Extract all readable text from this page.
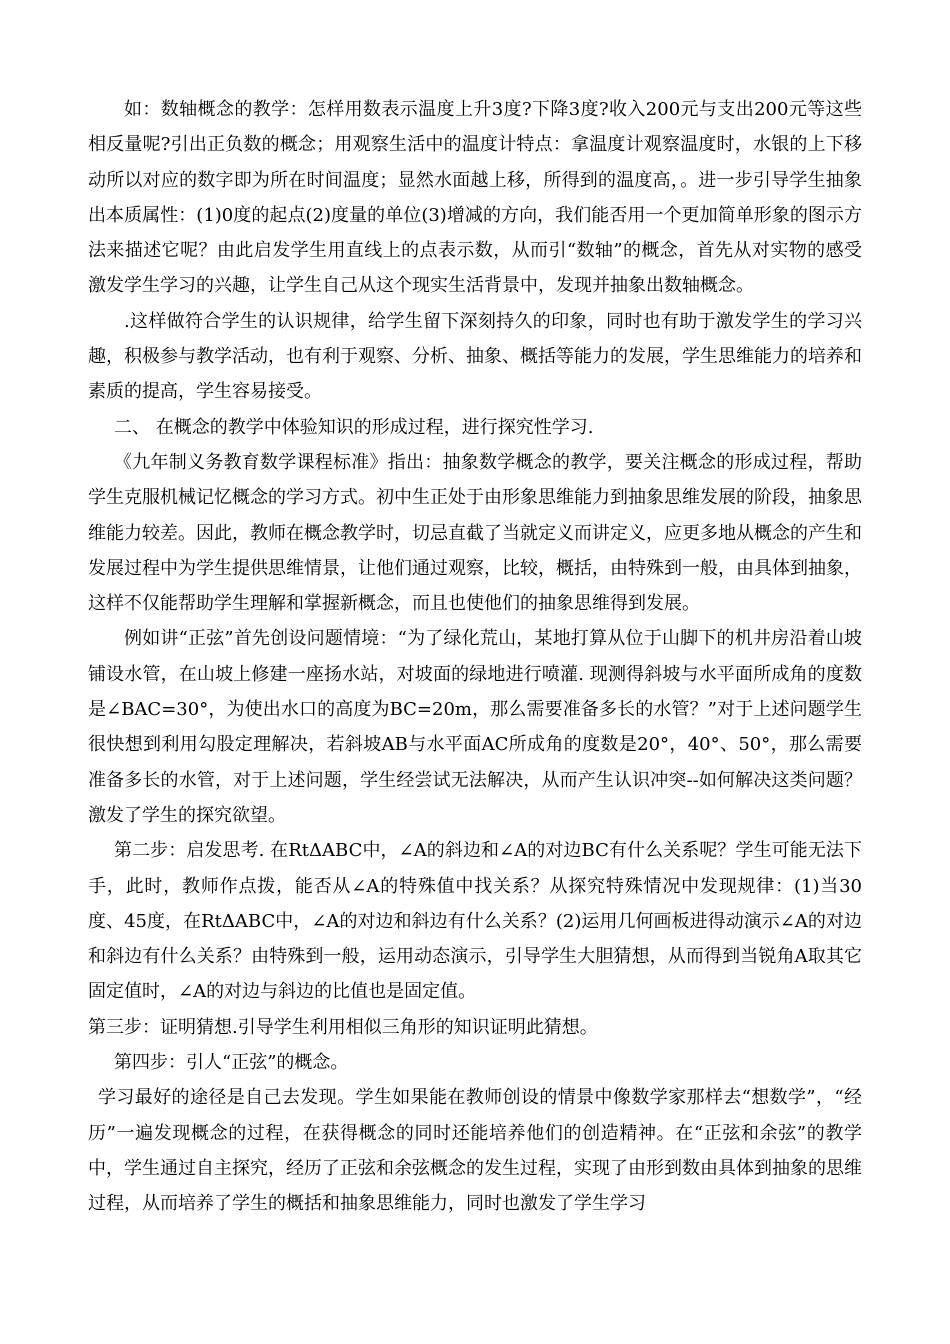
如：数轴概念的教学：怎样用数表示温度上升3度?下降3度?收入200元与支出200元等这些相反量呢?引出正负数的概念；用观察生活中的温度计特点：拿温度计观察温度时，水银的上下移动所以对应的数字即为所在时间温度；显然水面越上移，所得到的温度高，。进一步引导学生抽象出本质属性：(1)0度的起点(2)度量的单位(3)增减的方向，我们能否用一个更加简单形象的图示方法来描述它呢？由此启发学生用直线上的点表示数，从而引“数轴”的概念，首先从对实物的感受激发学生学习的兴趣，让学生自己从这个现实生活背景中，发现并抽象出数轴概念。

.这样做符合学生的认识规律，给学生留下深刻持久的印象，同时也有助于激发学生的学习兴趣，积极参与教学活动，也有利于观察、分析、抽象、概括等能力的发展，学生思维能力的培养和素质的提高，学生容易接受。

二、 在概念的教学中体验知识的形成过程，进行探究性学习.

《九年制义务教育数学课程标准》指出：抽象数学概念的教学，要关注概念的形成过程，帮助学生克服机械记忆概念的学习方式。初中生正处于由形象思维能力到抽象思维发展的阶段，抽象思维能力较差。因此，教师在概念教学时，切忌直截了当就定义而讲定义，应更多地从概念的产生和发展过程中为学生提供思维情景，让他们通过观察，比较，概括，由特殊到一般，由具体到抽象，这样不仅能帮助学生理解和掌握新概念，而且也使他们的抽象思维得到发展。

例如讲“正弦”首先创设问题情境：“为了绿化荒山，某地打算从位于山脚下的机井房沿着山坡铺设水管，在山坡上修建一座扬水站，对坡面的绿地进行喷灌. 现测得斜坡与水平面所成角的度数是∠BAC=30°，为使出水口的高度为BC=20m，那么需要准备多长的水管？”对于上述问题学生很快想到利用勾股定理解决，若斜坡AB与水平面AC所成角的度数是20°，40°、50°，那么需要准备多长的水管，对于上述问题，学生经尝试无法解决，从而产生认识冲突--如何解决这类问题？激发了学生的探究欲望。

第二步：启发思考. 在RtΔABC中，∠A的斜边和∠A的对边BC有什么关系呢？学生可能无法下手，此时，教师作点拨，能否从∠A的特殊值中找关系？从探究特殊情况中发现规律：(1)当30度、45度，在RtΔABC中，∠A的对边和斜边有什么关系？(2)运用几何画板进得动演示∠A的对边和斜边有什么关系？由特殊到一般，运用动态演示，引导学生大胆猜想，从而得到当锐角A取其它固定值时，∠A的对边与斜边的比值也是固定值。

第三步：证明猜想.引导学生利用相似三角形的知识证明此猜想。

第四步：引人“正弦”的概念。

学习最好的途径是自己去发现。学生如果能在教师创设的情景中像数学家那样去“想数学”，“经历”一遍发现概念的过程，在获得概念的同时还能培养他们的创造精神。在“正弦和余弦”的教学中，学生通过自主探究，经历了正弦和余弦概念的发生过程，实现了由形到数由具体到抽象的思维过程，从而培养了学生的概括和抽象思维能力，同时也激发了学生学习
